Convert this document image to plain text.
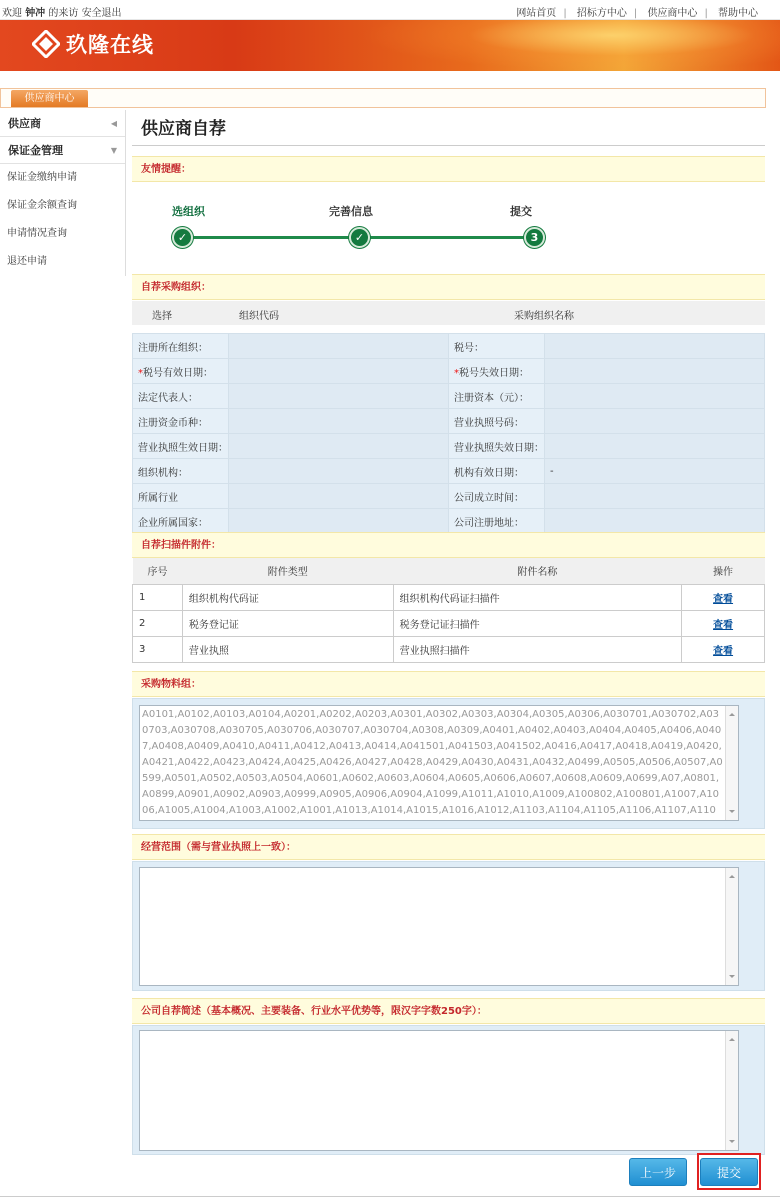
欢迎 钟冲 的来访 安全退出	网站首页 | 招标方中心 | 供应商中心 | 帮助中心
玖隆在线
供应商中心
供应商	◀
保证金管理	▼
保证金缴纳申请
保证金余额查询
申请情况查询
退还申请
供应商自荐
友情提醒：
选组织	完善信息	提交
✓	✓	3
自荐采购组织：
选择	组织代码	采购组织名称
注册所在组织：		税号：	
*税号有效日期：		*税号失效日期：	
法定代表人：		注册资本（元）：	
注册资金币种：		营业执照号码：	
营业执照生效日期：		营业执照失效日期：	
组织机构：		机构有效日期：	-
所属行业		公司成立时间：	
企业所属国家：		公司注册地址：	
自荐扫描件附件：
序号	附件类型	附件名称	操作
1	组织机构代码证	组织机构代码证扫描件	查看
2	税务登记证	税务登记证扫描件	查看
3	营业执照	营业执照扫描件	查看
采购物料组：
A0101,A0102,A0103,A0104,A0201,A0202,A0203,A0301,A0302,A0303,A0304,A0305,A0306,A030701,A030702,A030703,A030708,A030705,A030706,A030707,A030704,A0308,A0309,A0401,A0402,A0403,A0404,A0405,A0406,A0407,A0408,A0409,A0410,A0411,A0412,A0413,A0414,A041501,A041503,A041502,A0416,A0417,A0418,A0419,A0420,A0421,A0422,A0423,A0424,A0425,A0426,A0427,A0428,A0429,A0430,A0431,A0432,A0499,A0505,A0506,A0507,A0599,A0501,A0502,A0503,A0504,A0601,A0602,A0603,A0604,A0605,A0606,A0607,A0608,A0609,A0699,A07,A0801,A0899,A0901,A0902,A0903,A0999,A0905,A0906,A0904,A1099,A1011,A1010,A1009,A100802,A100801,A1007,A1006,A1005,A1004,A1003,A1002,A1001,A1013,A1014,A1015,A1016,A1012,A1103,A1104,A1105,A1106,A1107,A110
经营范围（需与营业执照上一致）：
公司自荐简述（基本概况、主要装备、行业水平优势等，限汉字字数250字）：
上一步	提交
